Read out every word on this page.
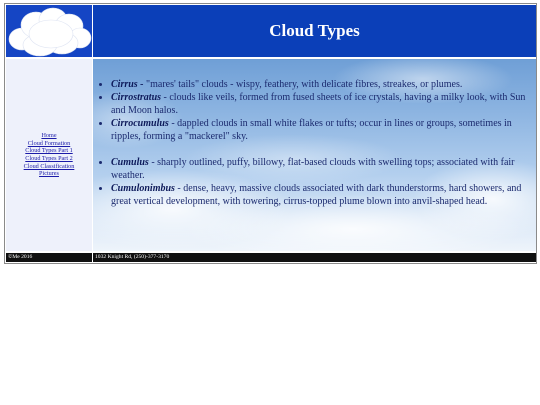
Cloud Types
Home
Cloud Formation
Cloud Types Part 1
Cloud Types Part 2
Cloud Classification
Pictures
• Cirrus - "mares' tails" clouds - wispy, feathery, with delicate fibres, streakes, or plumes.
• Cirrostratus - clouds like veils, formed from fused sheets of ice crystals, having a milky look, with Sun and Moon halos.
• Cirrocumulus - dappled clouds in small white flakes or tufts; occur in lines or groups, sometimes in ripples, forming a "mackerel" sky.
• Cumulus - sharply outlined, puffy, billowy, flat-based clouds with swelling tops; associated with fair weather.
• Cumulonimbus - dense, heavy, massive clouds associated with dark thunderstorms, hard showers, and great vertical development, with towering, cirrus-topped plume blown into anvil-shaped head.
©Me 2016	1032 Knight Rd, (250)-377-3170
